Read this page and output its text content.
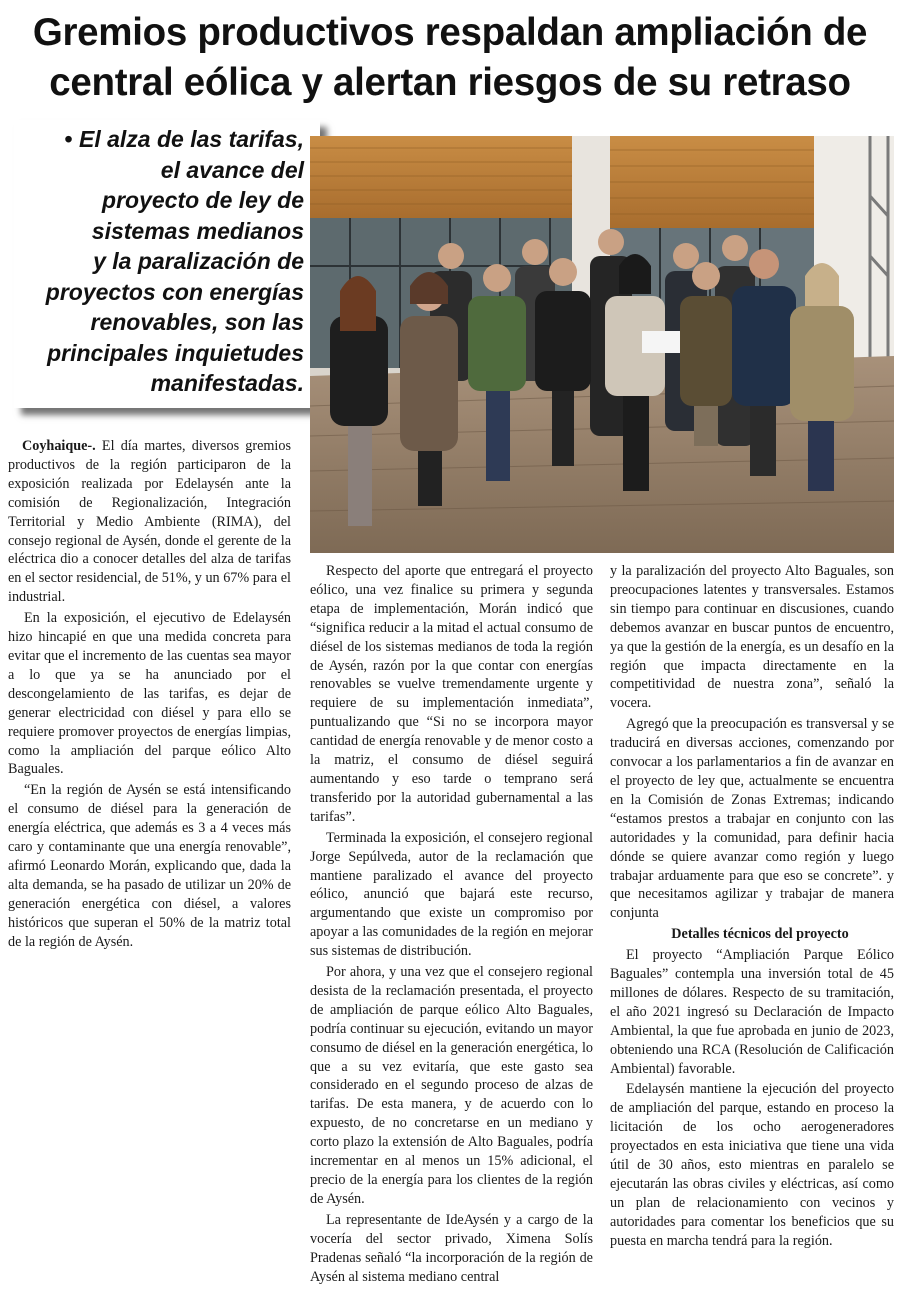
Gremios productivos respaldan ampliación de
central eólica y alertan riesgos de su retraso
• El alza de las tarifas,
el avance del
proyecto de ley de
sistemas medianos
y la paralización de
proyectos con energías
renovables, son las
principales inquietudes
manifestadas.

Coyhaique-. El día martes, diversos gremios productivos de la región participaron de la exposición realizada por Edelaysén ante la comisión de Regionalización, Integración Territorial y Medio Ambiente (RIMA), del consejo regional de Aysén, donde el gerente de la eléctrica dio a conocer detalles del alza de tarifas en el sector residencial, de 51%, y un 67% para el industrial.

En la exposición, el ejecutivo de Edelaysén hizo hincapié en que una medida concreta para evitar que el incremento de las cuentas sea mayor a lo que ya se ha anunciado por el descongelamiento de las tarifas, es dejar de generar electricidad con diésel y para ello se requiere promover proyectos de energías limpias, como la ampliación del parque eólico Alto Baguales.

“En la región de Aysén se está intensificando el consumo de diésel para la generación de energía eléctrica, que además es 3 a 4 veces más caro y contaminante que una energía renovable”, afirmó Leonardo Morán, explicando que, dada la alta demanda, se ha pasado de utilizar un 20% de generación energética con diésel, a valores históricos que superan el 50% de la matriz total de la región de Aysén.

Respecto del aporte que entregará el proyecto eólico, una vez finalice su primera y segunda etapa de implementación, Morán indicó que “significa reducir a la mitad el actual consumo de diésel de los sistemas medianos de toda la región de Aysén, razón por la que contar con energías renovables se vuelve tremendamente urgente y requiere de su implementación inmediata”, puntualizando que “Si no se incorpora mayor cantidad de energía renovable y de menor costo a la matriz, el consumo de diésel seguirá aumentando y eso tarde o temprano será transferido por la autoridad gubernamental a las tarifas”.

Terminada la exposición, el consejero regional Jorge Sepúlveda, autor de la reclamación que mantiene paralizado el avance del proyecto eólico, anunció que bajará este recurso, argumentando que existe un compromiso por apoyar a las comunidades de la región en mejorar sus sistemas de distribución.

Por ahora, y una vez que el consejero regional desista de la reclamación presentada, el proyecto de ampliación de parque eólico Alto Baguales, podría continuar su ejecución, evitando un mayor consumo de diésel en la generación energética, lo que a su vez evitaría, que este gasto sea considerado en el segundo proceso de alzas de tarifas. De esta manera, y de acuerdo con lo expuesto, de no concretarse en un mediano y corto plazo la extensión de Alto Baguales, podría incrementar en al menos un 15% adicional, el precio de la energía para los clientes de la región de Aysén.

La representante de IdeAysén y a cargo de la vocería del sector privado, Ximena Solís Pradenas señaló “la incorporación de la región de Aysén al sistema mediano central

y la paralización del proyecto Alto Baguales, son preocupaciones latentes y transversales. Estamos sin tiempo para continuar en discusiones, cuando debemos avanzar en buscar puntos de encuentro, ya que la gestión de la energía, es un desafío en la región que impacta directamente en la competitividad de nuestra zona”, señaló la vocera.

Agregó que la preocupación es transversal y se traducirá en diversas acciones, comenzando por convocar a los parlamentarios a fin de avanzar en el proyecto de ley que, actualmente se encuentra en la Comisión de Zonas Extremas; indicando “estamos prestos a trabajar en conjunto con las autoridades y la comunidad, para definir hacia dónde se quiere avanzar como región y luego trabajar arduamente para que eso se concrete”. y que necesitamos agilizar y trabajar de manera conjunta

Detalles técnicos del proyecto

El proyecto “Ampliación Parque Eólico Baguales” contempla una inversión total de 45 millones de dólares. Respecto de su tramitación, el año 2021 ingresó su Declaración de Impacto Ambiental, la que fue aprobada en junio de 2023, obteniendo una RCA (Resolución de Calificación Ambiental) favorable.

Edelaysén mantiene la ejecución del proyecto de ampliación del parque, estando en proceso la licitación de los ocho aerogeneradores proyectados en esta iniciativa que tiene una vida útil de 30 años, esto mientras en paralelo se ejecutarán las obras civiles y eléctricas, así como un plan de relacionamiento con vecinos y autoridades para comentar los beneficios que su puesta en marcha tendrá para la región.
